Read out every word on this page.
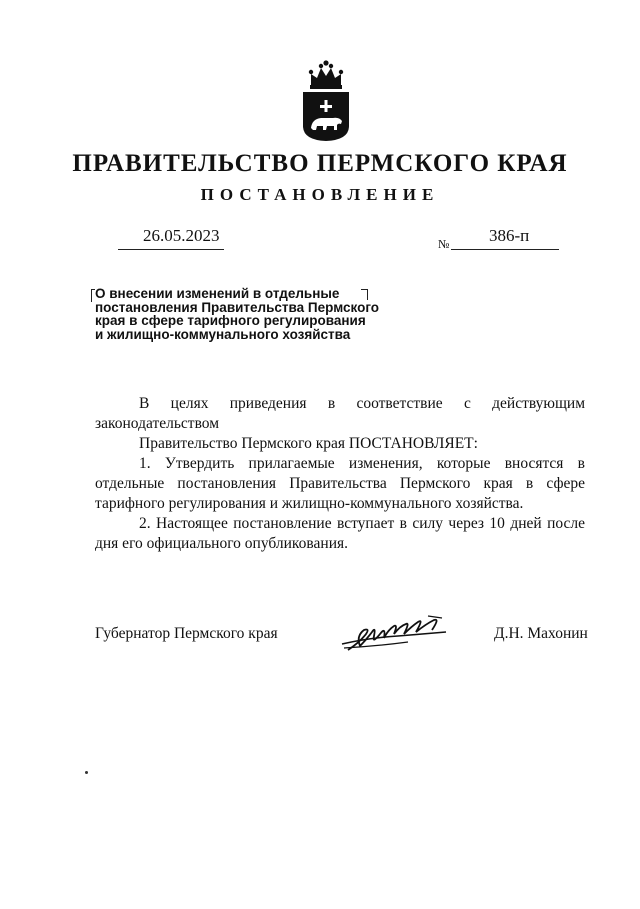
ПРАВИТЕЛЬСТВО ПЕРМСКОГО КРАЯ
ПОСТАНОВЛЕНИЕ
26.05.2023	№ 386-п
О внесении изменений в отдельные
постановления Правительства Пермского
края в сфере тарифного регулирования
и жилищно-коммунального хозяйства
В целях приведения в соответствие с действующим
законодательством
Правительство Пермского края ПОСТАНОВЛЯЕТ:
1. Утвердить прилагаемые изменения, которые вносятся в отдельные постановления Правительства Пермского края в сфере тарифного регулирования и жилищно-коммунального хозяйства.
2. Настоящее постановление вступает в силу через 10 дней после дня его официального опубликования.
Губернатор Пермского края	Д.Н. Махонин
